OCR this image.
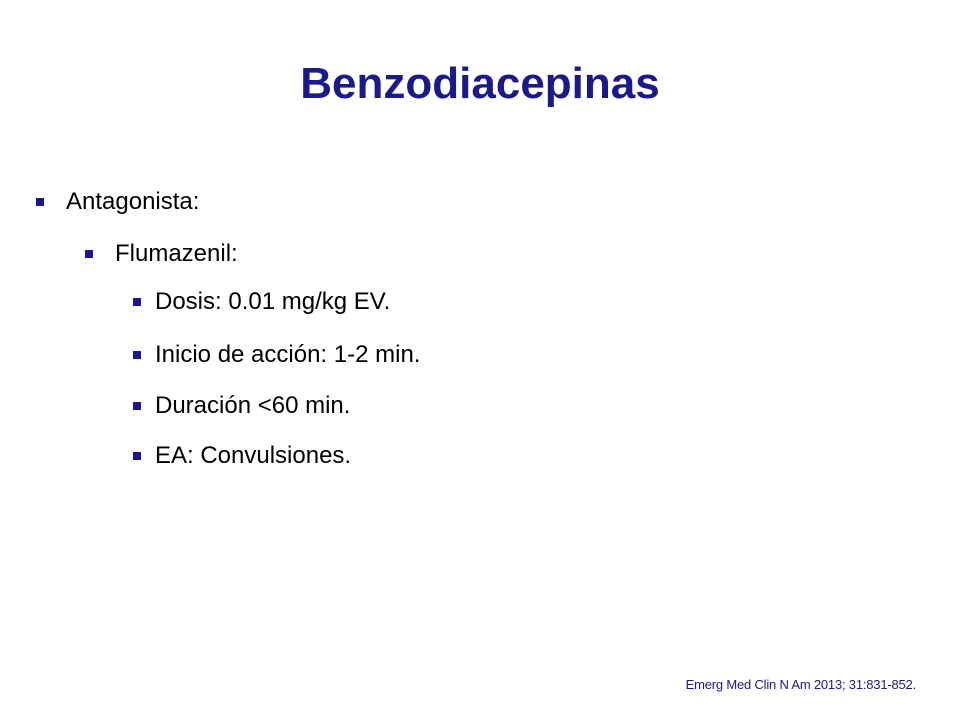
Benzodiacepinas
Antagonista:
Flumazenil:
Dosis: 0.01 mg/kg EV.
Inicio de acción: 1-2 min.
Duración <60 min.
EA: Convulsiones.
Emerg Med Clin N Am 2013; 31:831-852.
